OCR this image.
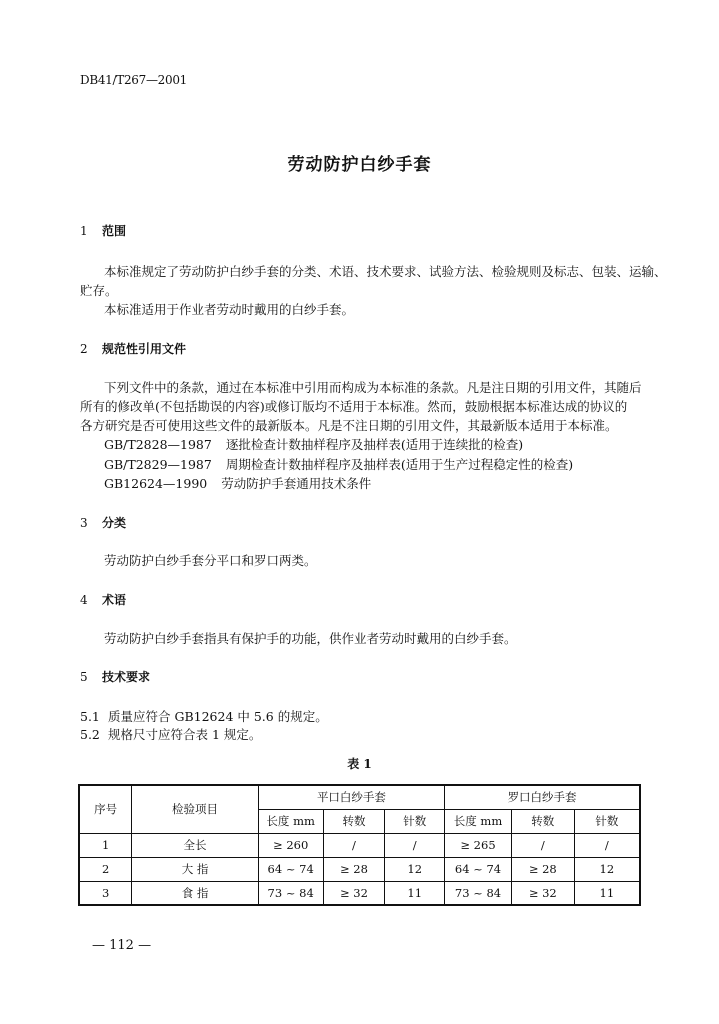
DB41/T267—2001
劳动防护白纱手套
1 范围
本标准规定了劳动防护白纱手套的分类、术语、技术要求、试验方法、检验规则及标志、包装、运输、
贮存。
本标准适用于作业者劳动时戴用的白纱手套。
2 规范性引用文件
下列文件中的条款，通过在本标准中引用而构成为本标准的条款。凡是注日期的引用文件，其随后
所有的修改单(不包括勘误的内容)或修订版均不适用于本标准。然而，鼓励根据本标准达成的协议的
各方研究是否可使用这些文件的最新版本。凡是不注日期的引用文件，其最新版本适用于本标准。
GB/T2828—1987 逐批检查计数抽样程序及抽样表(适用于连续批的检查)
GB/T2829—1987 周期检查计数抽样程序及抽样表(适用于生产过程稳定性的检查)
GB12624—1990 劳动防护手套通用技术条件
3 分类
劳动防护白纱手套分平口和罗口两类。
4 术语
劳动防护白纱手套指具有保护手的功能，供作业者劳动时戴用的白纱手套。
5 技术要求
5.1 质量应符合 GB12624 中 5.6 的规定。
5.2 规格尺寸应符合表 1 规定。
表 1
序号	检验项目	平口白纱手套			罗口白纱手套		
		长度 mm	转数	针数	长度 mm	转数	针数
1	全长	≥ 260	/	/	≥ 265	/	/
2	大 指	64 ~ 74	≥ 28	12	64 ~ 74	≥ 28	12
3	食 指	73 ~ 84	≥ 32	11	73 ~ 84	≥ 32	11
— 112 —
